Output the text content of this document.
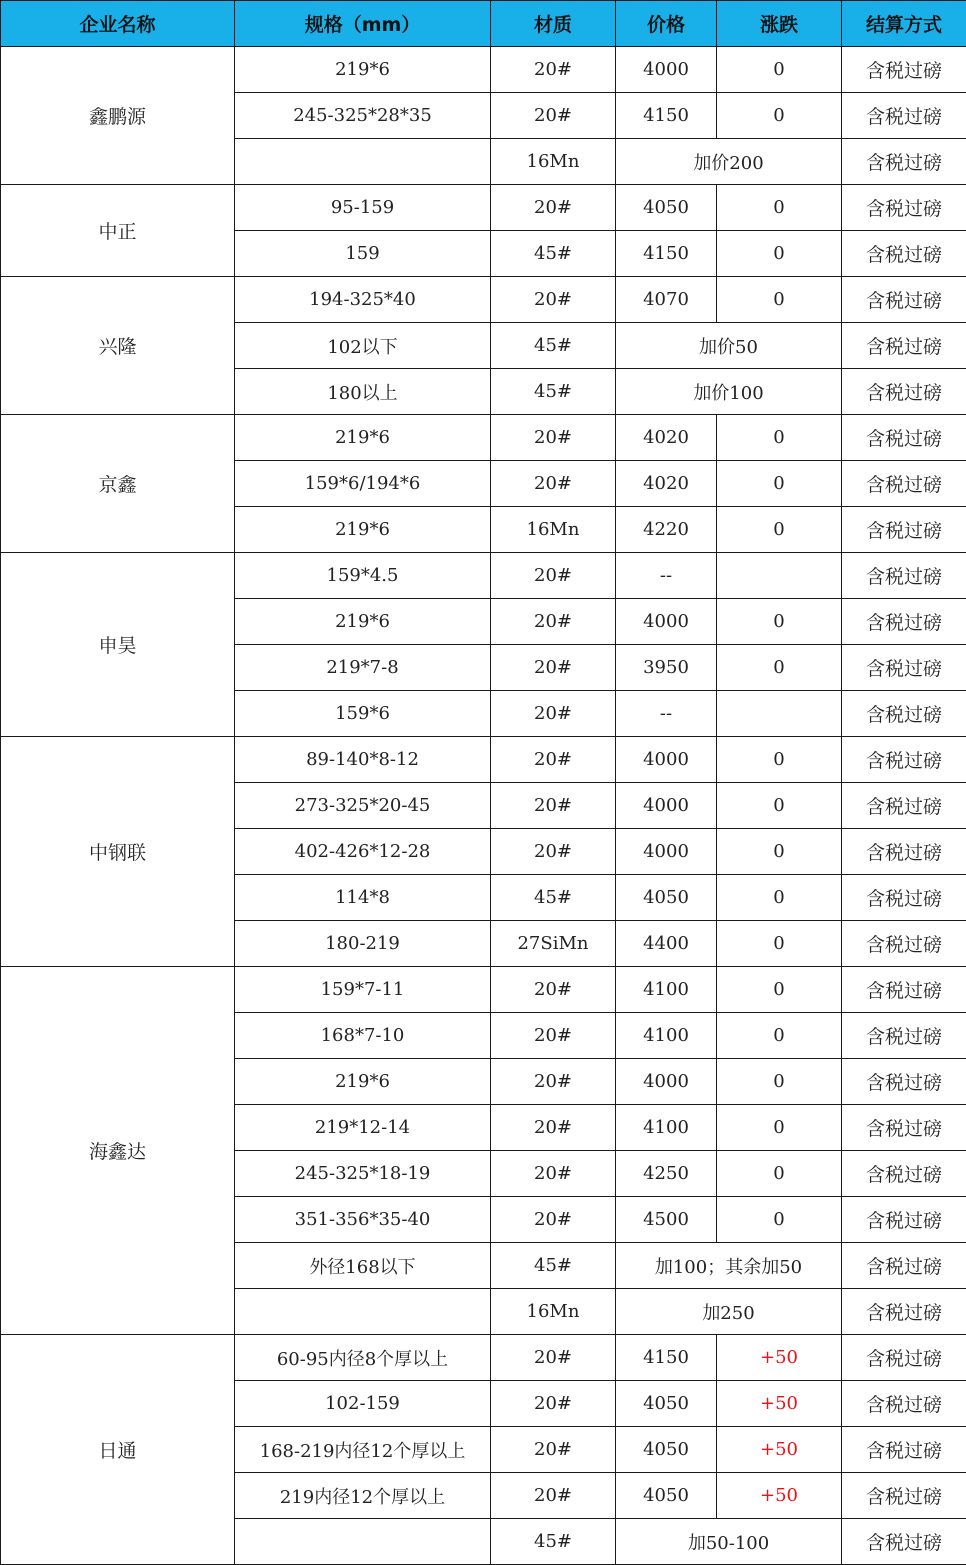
企业名称	规格（mm）	材质	价格	涨跌	结算方式
鑫鹏源	219*6	20#	4000	0	含税过磅
	245-325*28*35	20#	4150	0	含税过磅
		16Mn	加价200		含税过磅
中正	95-159	20#	4050	0	含税过磅
	159	45#	4150	0	含税过磅
兴隆	194-325*40	20#	4070	0	含税过磅
	102以下	45#	加价50		含税过磅
	180以上	45#	加价100		含税过磅
京鑫	219*6	20#	4020	0	含税过磅
	159*6/194*6	20#	4020	0	含税过磅
	219*6	16Mn	4220	0	含税过磅
申昊	159*4.5	20#	--		含税过磅
	219*6	20#	4000	0	含税过磅
	219*7-8	20#	3950	0	含税过磅
	159*6	20#	--		含税过磅
中钢联	89-140*8-12	20#	4000	0	含税过磅
	273-325*20-45	20#	4000	0	含税过磅
	402-426*12-28	20#	4000	0	含税过磅
	114*8	45#	4050	0	含税过磅
	180-219	27SiMn	4400	0	含税过磅
海鑫达	159*7-11	20#	4100	0	含税过磅
	168*7-10	20#	4100	0	含税过磅
	219*6	20#	4000	0	含税过磅
	219*12-14	20#	4100	0	含税过磅
	245-325*18-19	20#	4250	0	含税过磅
	351-356*35-40	20#	4500	0	含税过磅
	外径168以下	45#	加100；其余加50		含税过磅
		16Mn	加250		含税过磅
日通	60-95内径8个厚以上	20#	4150	+50	含税过磅
	102-159	20#	4050	+50	含税过磅
	168-219内径12个厚以上	20#	4050	+50	含税过磅
	219内径12个厚以上	20#	4050	+50	含税过磅
		45#	加50-100		含税过磅
